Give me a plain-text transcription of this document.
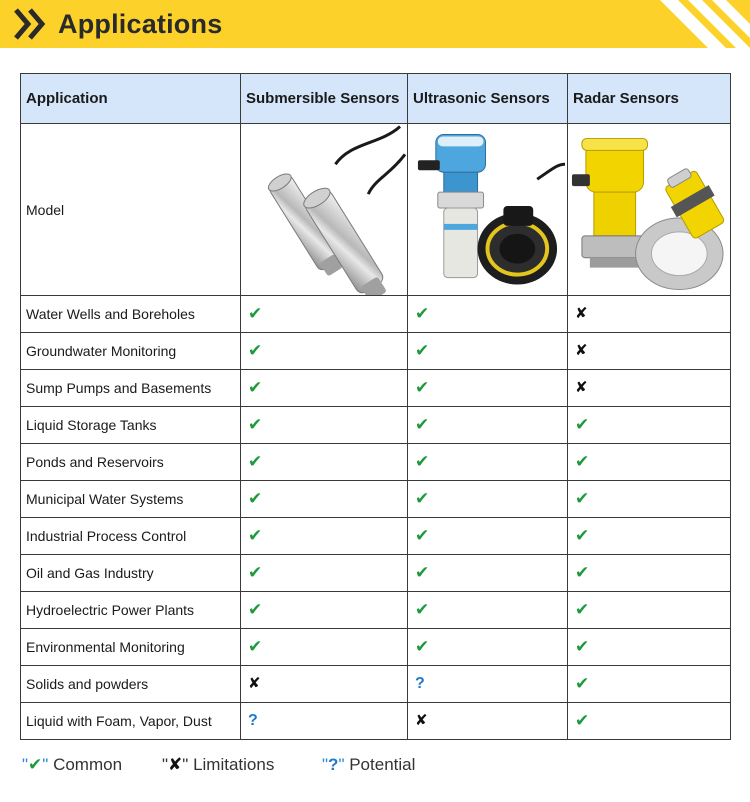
Applications
Application	Submersible Sensors	Ultrasonic Sensors	Radar Sensors
Model	

Water Wells and Boreholes	✔	✔	✘
Groundwater Monitoring	✔	✔	✘
Sump Pumps and Basements	✔	✔	✘
Liquid Storage Tanks	✔	✔	✔
Ponds and Reservoirs	✔	✔	✔
Municipal Water Systems	✔	✔	✔
Industrial Process Control	✔	✔	✔
Oil and Gas Industry	✔	✔	✔
Hydroelectric Power Plants	✔	✔	✔
Environmental Monitoring	✔	✔	✔
Solids and powders	✘	?	✔
Liquid with Foam, Vapor, Dust	?	✘	✔
"✔" Common "✘" Limitations	"?" Potential
